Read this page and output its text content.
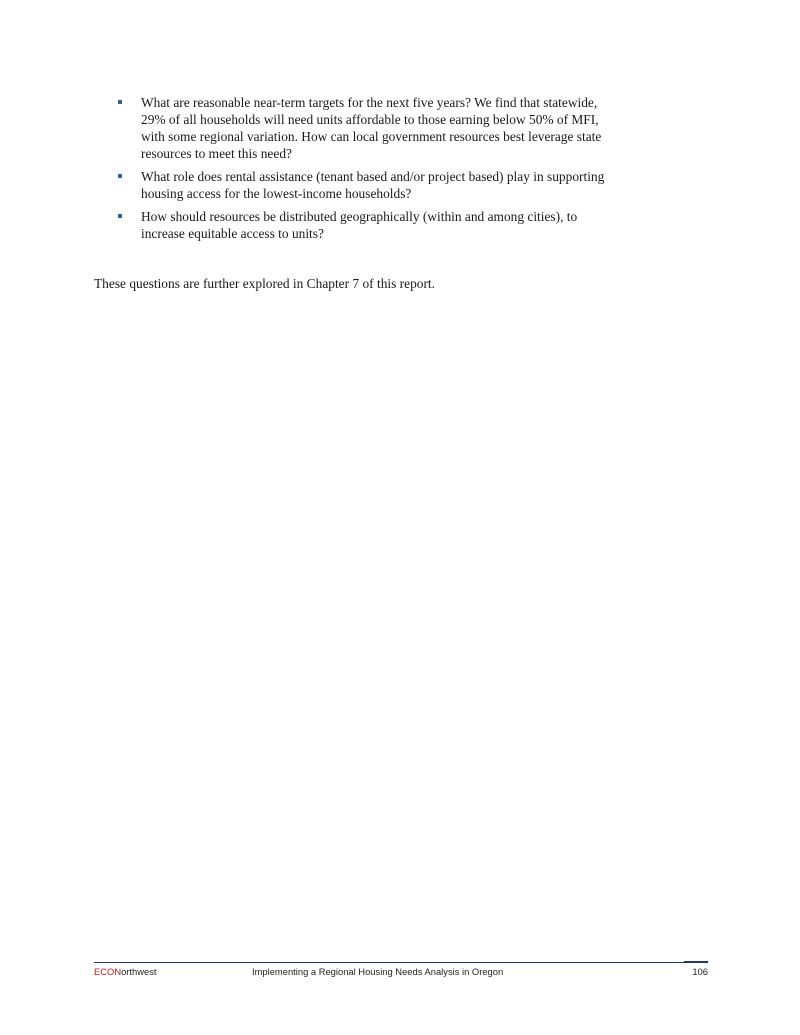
What are reasonable near-term targets for the next five years? We find that statewide,
29% of all households will need units affordable to those earning below 50% of MFI,
with some regional variation. How can local government resources best leverage state
resources to meet this need?
What role does rental assistance (tenant based and/or project based) play in supporting
housing access for the lowest-income households?
How should resources be distributed geographically (within and among cities), to
increase equitable access to units?

These questions are further explored in Chapter 7 of this report.

ECONorthwest	Implementing a Regional Housing Needs Analysis in Oregon	106
